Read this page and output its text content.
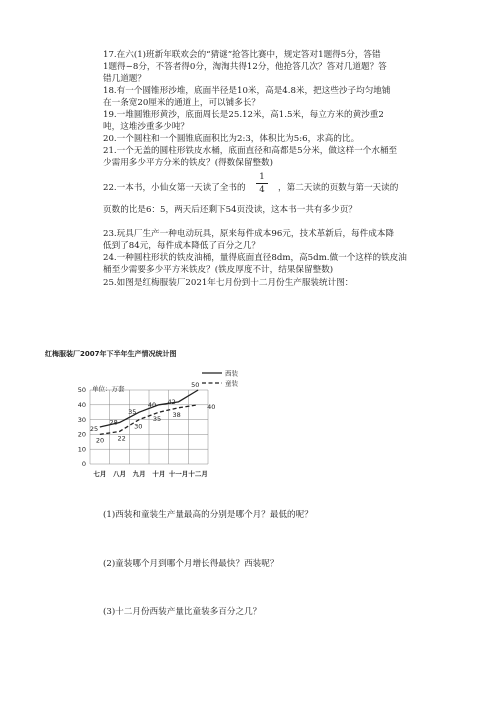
17.在六(1)班新年联欢会的“猜谜”抢答比赛中，规定答对1题得5分，答错
1题得−8分，不答者得0分，淘淘共得12分，他抢答几次？答对几道题？答
错几道题？
18.有一个圆锥形沙堆，底面半径是10米，高是4.8米，把这些沙子均匀地铺
在一条宽20厘米的通道上，可以铺多长？
19.一堆圆锥形黄沙，底面周长是25.12米，高1.5米，每立方米的黄沙重2
吨，这堆沙重多少吨？
20.一个圆柱和一个圆锥底面积比为2:3，体积比为5:6，求高的比。
21.一个无盖的圆柱形铁皮水桶，底面直径和高都是5分米，做这样一个水桶至
少需用多少平方分米的铁皮？(得数保留整数)
22.一本书，小仙女第一天读了全书的
1
4	，第二天读的页数与第一天读的
页数的比是6：5，两天后还剩下54页没读，这本书一共有多少页？
23.玩具厂生产一种电动玩具，原来每件成本96元，技术革新后，每件成本降
低到了84元，每件成本降低了百分之几？
24.一种圆柱形状的铁皮油桶，量得底面直径8dm，高5dm.做一个这样的铁皮油
桶至少需要多少平方米铁皮？(铁皮厚度不计，结果保留整数)
25.如图是红梅服装厂2021年七月份到十二月份生产服装统计图：
红梅服装厂2007年下半年生产情况统计图
0
10
20
30
40
50
七月 八月 九月 十月 十一月 十二月
单位：万套
25
28
35
40 42
50
20 22
30
35
38
40
西装
童装
(1)西装和童装生产量最高的分别是哪个月？最低的呢？
(2)童装哪个月到哪个月增长得最快？西装呢？
(3)十二月份西装产量比童装多百分之几？
